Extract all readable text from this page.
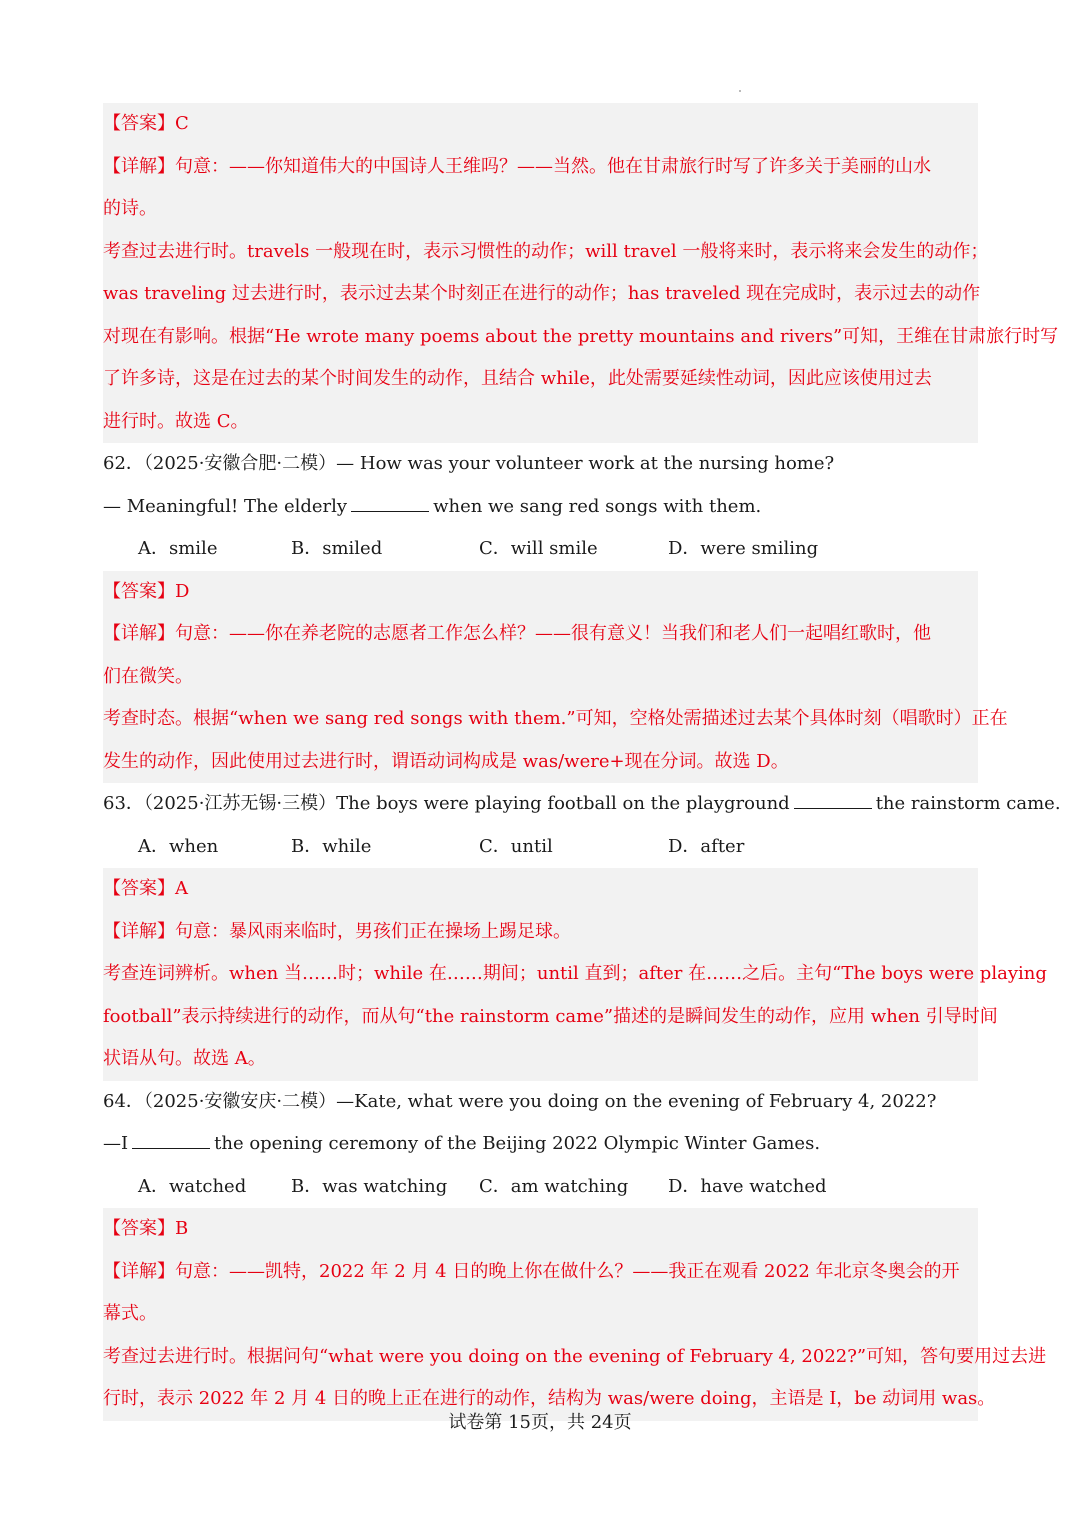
【答案】C
【详解】句意：——你知道伟大的中国诗人王维吗？——当然。他在甘肃旅行时写了许多关于美丽的山水
的诗。
考查过去进行时。travels 一般现在时，表示习惯性的动作；will travel 一般将来时，表示将来会发生的动作；
was traveling 过去进行时，表示过去某个时刻正在进行的动作；has traveled 现在完成时，表示过去的动作
对现在有影响。根据“He wrote many poems about the pretty mountains and rivers”可知，王维在甘肃旅行时写
了许多诗，这是在过去的某个时间发生的动作，且结合 while，此处需要延续性动词，因此应该使用过去
进行时。故选 C。
62．（2025·安徽合肥·二模）— How was your volunteer work at the nursing home?
— Meaningful! The elderly	when we sang red songs with them.
A．smile	B．smiled	C．will smile	D．were smiling
【答案】D
【详解】句意：——你在养老院的志愿者工作怎么样？——很有意义！当我们和老人们一起唱红歌时，他
们在微笑。
考查时态。根据“when we sang red songs with them.”可知，空格处需描述过去某个具体时刻（唱歌时）正在
发生的动作，因此使用过去进行时，谓语动词构成是 was/were+现在分词。故选 D。
63．（2025·江苏无锡·三模）The boys were playing football on the playground	the rainstorm came.
A．when	B．while	C．until	D．after
【答案】A
【详解】句意：暴风雨来临时，男孩们正在操场上踢足球。
考查连词辨析。when 当……时；while 在……期间；until 直到；after 在……之后。主句“The boys were playing
football”表示持续进行的动作，而从句“the rainstorm came”描述的是瞬间发生的动作，应用 when 引导时间
状语从句。故选 A。
64．（2025·安徽安庆·二模）—Kate, what were you doing on the evening of February 4, 2022?
—I	the opening ceremony of the Beijing 2022 Olympic Winter Games.
A．watched B．was watching C．am watching D．have watched
【答案】B
【详解】句意：——凯特，2022 年 2 月 4 日的晚上你在做什么？——我正在观看 2022 年北京冬奥会的开
幕式。
考查过去进行时。根据问句“what were you doing on the evening of February 4, 2022?”可知，答句要用过去进
行时，表示 2022 年 2 月 4 日的晚上正在进行的动作，结构为 was/were doing，主语是 I，be 动词用 was。
试卷第 15页，共 24页
